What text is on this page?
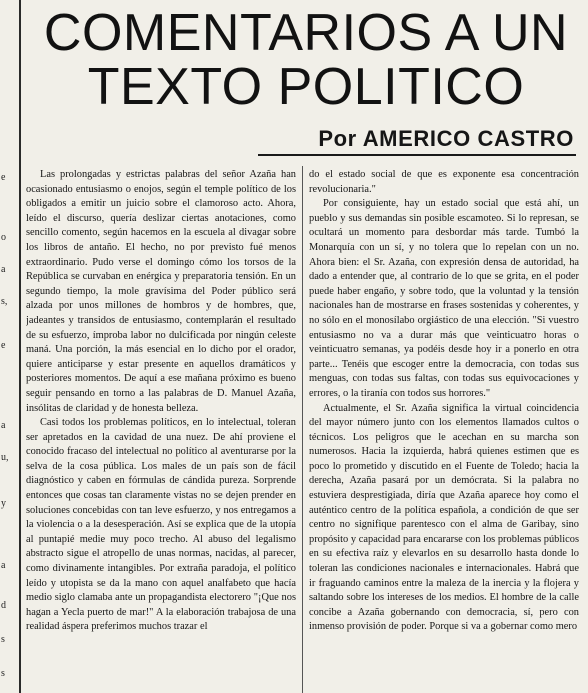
e
o
a
s,
e
a
u,
y
a
d
s
s
COMENTARIOS A UN
TEXTO POLITICO
Por AMERICO CASTRO

Las prolongadas y estrictas palabras del señor Azaña han ocasionado entusiasmo o enojos, según el temple político de los obligados a emitir un juicio sobre el clamoroso acto. Ahora, leído el discurso, quería deslizar ciertas anotaciones, como sencillo comento, según hacemos en la escuela al divagar sobre los libros de antaño. El hecho, no por previsto fué menos extraordinario. Pudo verse el domingo cómo los torsos de la República se curvaban en enérgica y preparatoria tensión. En un segundo tiempo, la mole gravísima del Poder público será alzada por unos millones de hombros y de hombres, que, jadeantes y transidos de entusiasmo, contemplarán el resultado de su esfuerzo, ímproba labor no dulcificada por ningún celeste maná. Una porción, la más esencial en lo dicho por el orador, quiere anticiparse y estar presente en aquellos dramáticos y posteriores momentos. De aquí a ese mañana próximo es bueno seguir pensando en torno a las palabras de D. Manuel Azaña, insólitas de claridad y de honesta belleza.

Casi todos los problemas políticos, en lo intelectual, toleran ser apretados en la cavidad de una nuez. De ahí proviene el conocido fracaso del intelectual no político al aventurarse por la selva de la cosa pública. Los males de un país son de fácil diagnóstico y caben en fórmulas de cándida pureza. Sorprende entonces que cosas tan claramente vistas no se dejen prender en soluciones concebidas con tan leve esfuerzo, y nos entregamos a la violencia o a la desesperación. Así se explica que de la utopía al puntapié medie muy poco trecho. Al abuso del legalismo abstracto sigue el atropello de unas normas, nacidas, al parecer, como divinamente intangibles. Por extraña paradoja, el político leído y utopista se da la mano con aquel analfabeto que hacía medio siglo clamaba ante un propagandista electorero "¡Que nos hagan a Yecla puerto de mar!" A la elaboración trabajosa de una realidad áspera preferimos muchos trazar el

do el estado social de que es exponente esa concentración revolucionaria."

Por consiguiente, hay un estado social que está ahí, un pueblo y sus demandas sin posible escamoteo. Si lo represan, se ocultará un momento para desbordar más tarde. Tumbó la Monarquía con un sí, y no tolera que lo repelan con un no. Ahora bien: el Sr. Azaña, con expresión densa de autoridad, ha dado a entender que, al contrario de lo que se grita, en el poder puede haber engaño, y sobre todo, que la voluntad y la tensión nacionales han de mostrarse en frases sostenidas y coherentes, y no sólo en el monosílabo orgiástico de una elección. "Si vuestro entusiasmo no va a durar más que veinticuatro horas o veinticuatro semanas, ya podéis desde hoy ir a ponerlo en otra parte... Tenéis que escoger entre la democracia, con todas sus menguas, con todas sus faltas, con todas sus equivocaciones y errores, o la tiranía con todos sus horrores."

Actualmente, el Sr. Azaña significa la virtual coincidencia del mayor número junto con los elementos llamados cultos o técnicos. Los peligros que le acechan en su marcha son numerosos. Hacia la izquierda, habrá quienes estimen que es poco lo prometido y discutido en el Fuente de Toledo; hacia la derecha, Azaña pasará por un demócrata. Si la palabra no estuviera desprestigiada, diría que Azaña aparece hoy como el auténtico centro de la política española, a condición de que ser centro no signifique parentesco con el alma de Garibay, sino propósito y capacidad para encararse con los problemas públicos en su efectiva raíz y elevarlos en su desarrollo hasta donde lo toleran las condiciones nacionales e internacionales. Habrá que ir fraguando caminos entre la maleza de la inercia y la flojera y saltando sobre los intereses de los medios. El hombre de la calle concibe a Azaña gobernando con democracia, sí, pero con inmenso provisión de poder. Porque si va a gobernar como mero
